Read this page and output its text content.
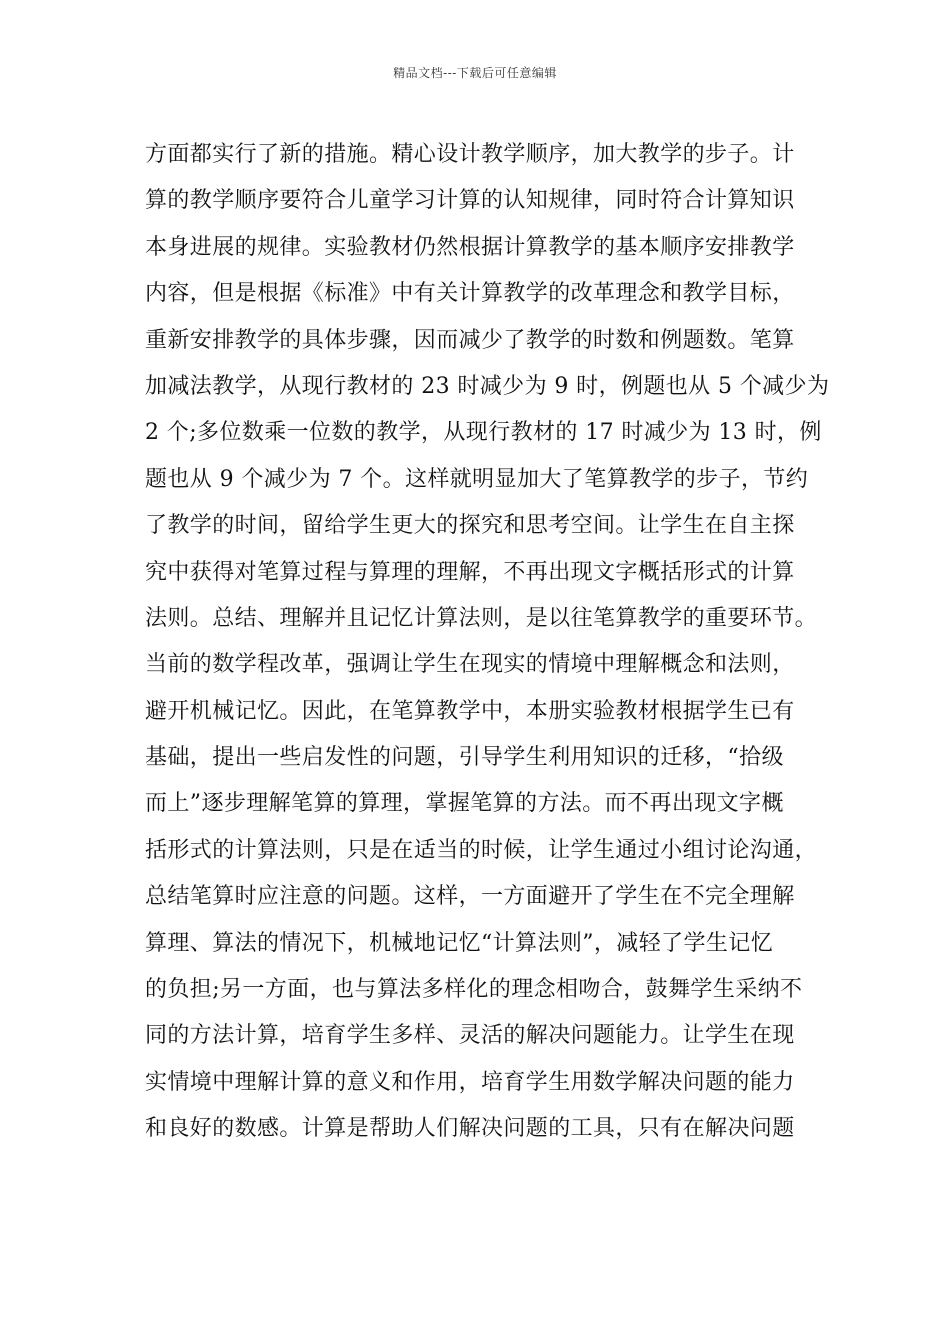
精品文档---下载后可任意编辑
方面都实行了新的措施。精心设计教学顺序，加大教学的步子。计
算的教学顺序要符合儿童学习计算的认知规律，同时符合计算知识
本身进展的规律。实验教材仍然根据计算教学的基本顺序安排教学
内容，但是根据《标准》中有关计算教学的改革理念和教学目标，
重新安排教学的具体步骤，因而减少了教学的时数和例题数。笔算
加减法教学，从现行教材的 23 时减少为 9 时，例题也从 5 个减少为
2 个;多位数乘一位数的教学，从现行教材的 17 时减少为 13 时，例
题也从 9 个减少为 7 个。这样就明显加大了笔算教学的步子，节约
了教学的时间，留给学生更大的探究和思考空间。让学生在自主探
究中获得对笔算过程与算理的理解，不再出现文字概括形式的计算
法则。总结、理解并且记忆计算法则，是以往笔算教学的重要环节。
当前的数学程改革，强调让学生在现实的情境中理解概念和法则，
避开机械记忆。因此，在笔算教学中，本册实验教材根据学生已有
基础，提出一些启发性的问题，引导学生利用知识的迁移，“拾级
而上”逐步理解笔算的算理，掌握笔算的方法。而不再出现文字概
括形式的计算法则，只是在适当的时候，让学生通过小组讨论沟通，
总结笔算时应注意的问题。这样，一方面避开了学生在不完全理解
算理、算法的情况下，机械地记忆“计算法则”，减轻了学生记忆
的负担;另一方面，也与算法多样化的理念相吻合，鼓舞学生采纳不
同的方法计算，培育学生多样、灵活的解决问题能力。让学生在现
实情境中理解计算的意义和作用，培育学生用数学解决问题的能力
和良好的数感。计算是帮助人们解决问题的工具，只有在解决问题
